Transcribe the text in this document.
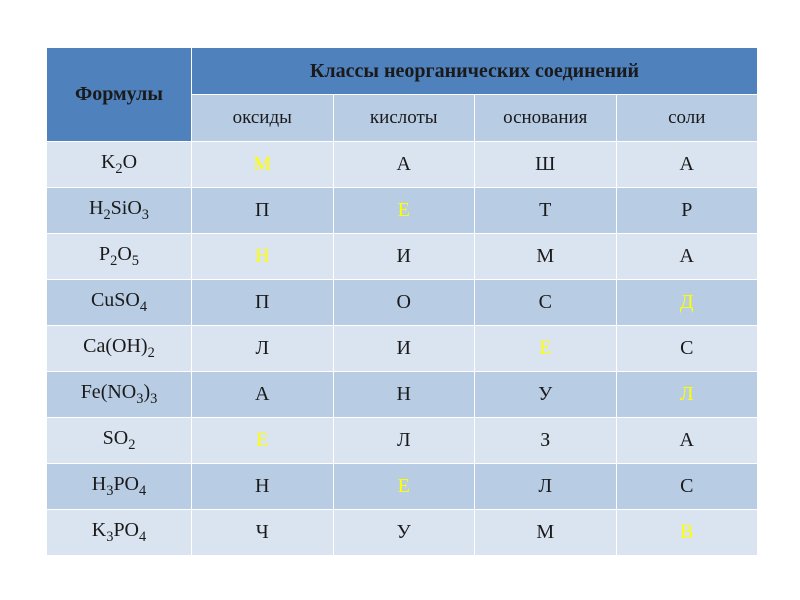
Формулы	Классы неорганических соединений			
	оксиды	кислоты	основания	соли
$K_2O$	М	А	Ш	А
$H_2SiO_3$	П	Е	Т	Р
$P_2O_5$	Н	И	М	А
CuSO$_4$	П	О	С	Д
$Ca(OH)_2$	Л	И	Е	С
$Fe(NO_3)_3$	А	Н	У	Л
$SO_2$	Е	Л	З	А
$H_3PO_4$	Н	Е	Л	С
$K_3PO_4$	Ч	У	М	В
